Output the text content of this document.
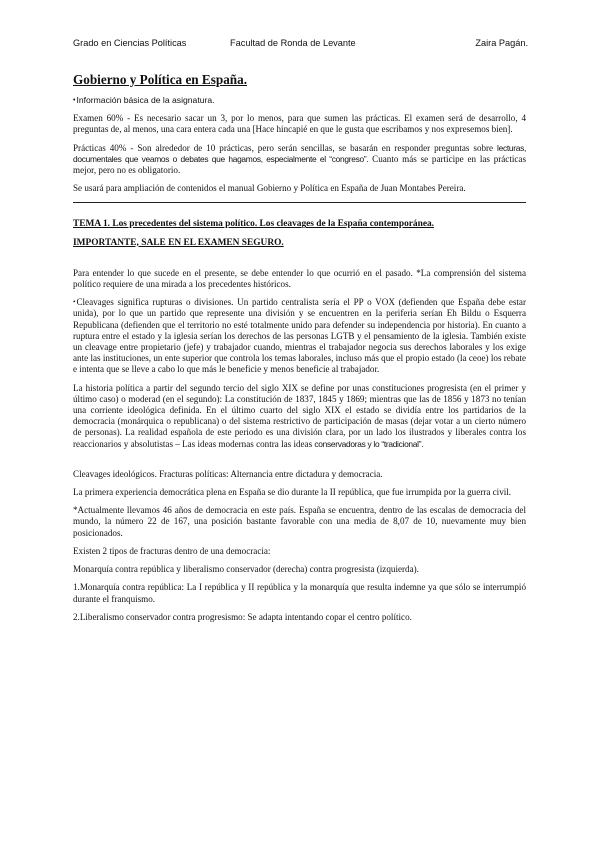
Grado en Ciencias Políticas	Facultad de Ronda de Levante	Zaira Pagán.
Gobierno y Política en España.

•Información básica de la asignatura.

Examen 60% - Es necesario sacar un 3, por lo menos, para que sumen las prácticas. El examen será de desarrollo, 4 preguntas de, al menos, una cara entera cada una [Hace hincapié en que le gusta que escribamos y nos expresemos bien].

Prácticas 40% - Son alrededor de 10 prácticas, pero serán sencillas, se basarán en responder preguntas sobre lecturas, documentales que veamos o debates que hagamos, especialmente el “congreso”. Cuanto más se participe en las prácticas mejor, pero no es obligatorio.

Se usará para ampliación de contenidos el manual Gobierno y Política en España de Juan Montabes Pereira.

TEMA 1. Los precedentes del sistema político. Los cleavages de la España contemporánea.

IMPORTANTE, SALE EN EL EXAMEN SEGURO.

Para entender lo que sucede en el presente, se debe entender lo que ocurrió en el pasado. *La comprensión del sistema político requiere de una mirada a los precedentes históricos.

•Cleavages significa rupturas o divisiones. Un partido centralista sería el PP o VOX (defienden que España debe estar unida), por lo que un partido que represente una división y se encuentren en la periferia serían Eh Bildu o Esquerra Republicana (defienden que el territorio no esté totalmente unido para defender su independencia por historia). En cuanto a ruptura entre el estado y la iglesia serían los derechos de las personas LGTB y el pensamiento de la iglesia. También existe un cleavage entre propietario (jefe) y trabajador cuando, mientras el trabajador negocia sus derechos laborales y los exige ante las instituciones, un ente superior que controla los temas laborales, incluso más que el propio estado (la ceoe) los rebate e intenta que se lleve a cabo lo que más le beneficie y menos beneficie al trabajador.

La historia política a partir del segundo tercio del siglo XIX se define por unas constituciones progresista (en el primer y último caso) o moderad (en el segundo): La constitución de 1837, 1845 y 1869; mientras que las de 1856 y 1873 no tenían una corriente ideológica definida. En el último cuarto del siglo XIX el estado se dividía entre los partidarios de la democracia (monárquica o republicana) o del sistema restrictivo de participación de masas (dejar votar a un cierto número de personas). La realidad española de este periodo es una división clara, por un lado los ilustrados y liberales contra los reaccionarios y absolutistas – Las ideas modernas contra las ideas conservadoras y lo “tradicional”.

Cleavages ideológicos. Fracturas políticas: Alternancia entre dictadura y democracia.

La primera experiencia democrática plena en España se dio durante la II república, que fue irrumpida por la guerra civil.

*Actualmente llevamos 46 años de democracia en este país. España se encuentra, dentro de las escalas de democracia del mundo, la número 22 de 167, una posición bastante favorable con una media de 8,07 de 10, nuevamente muy bien posicionados.

Existen 2 tipos de fracturas dentro de una democracia:

Monarquía contra república y liberalismo conservador (derecha) contra progresista (izquierda).

1.Monarquía contra república: La I república y II república y la monarquía que resulta indemne ya que sólo se interrumpió durante el franquismo.

2.Liberalismo conservador contra progresismo: Se adapta intentando copar el centro político.
